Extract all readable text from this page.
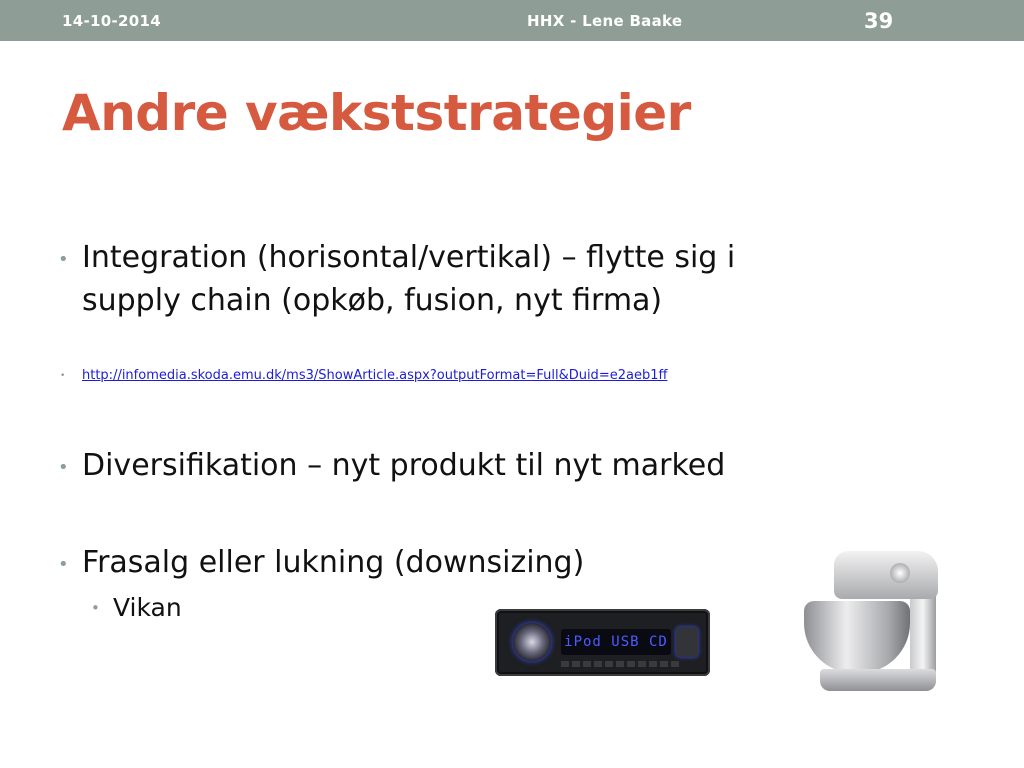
14-10-2014	HHX - Lene Baake	39
Andre vækststrategier
• Integration (horisontal/vertikal) – flytte sig i
supply chain (opkøb, fusion, nyt firma)
• http://infomedia.skoda.emu.dk/ms3/ShowArticle.aspx?outputFormat=Full&Duid=e2aeb1ff
• Diversifikation – nyt produkt til nyt marked
• Frasalg eller lukning (downsizing)
• Vikan
iPod USB CD
